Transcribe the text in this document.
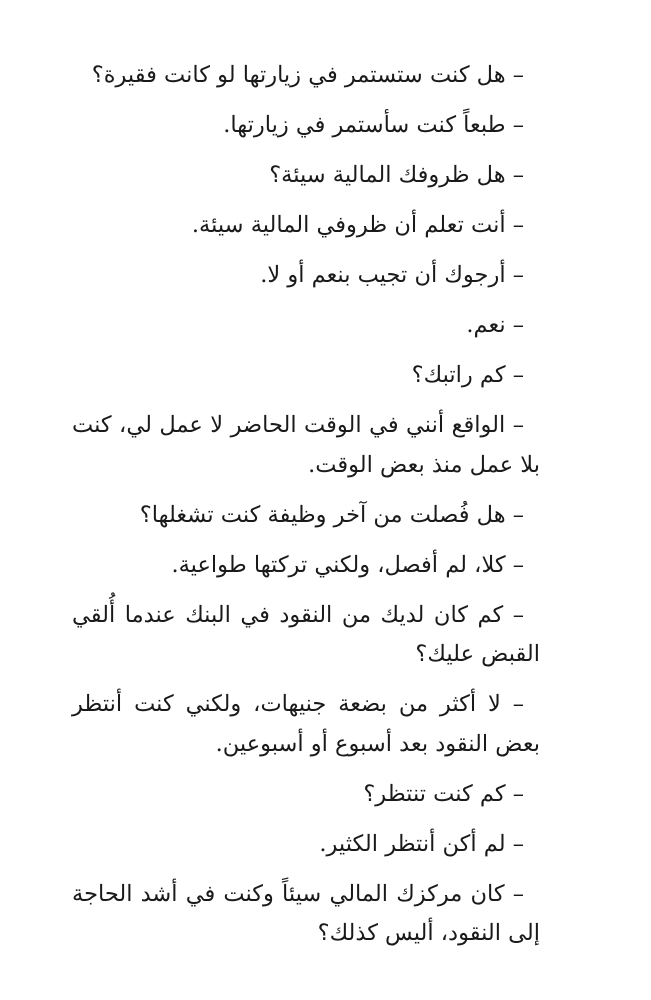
– هل كنت ستستمر في زيارتها لو كانت فقيرة؟

– طبعاً كنت سأستمر في زيارتها.

– هل ظروفك المالية سيئة؟

– أنت تعلم أن ظروفي المالية سيئة.

– أرجوك أن تجيب بنعم أو لا.

– نعم.

– كم راتبك؟

– الواقع أنني في الوقت الحاضر لا عمل لي، كنت بلا عمل منذ بعض الوقت.

– هل فُصلت من آخر وظيفة كنت تشغلها؟

– كلا، لم أفصل، ولكني تركتها طواعية.

– كم كان لديك من النقود في البنك عندما أُلقي القبض عليك؟

– لا أكثر من بضعة جنيهات، ولكني كنت أنتظر بعض النقود بعد أسبوع أو أسبوعين.

– كم كنت تنتظر؟

– لم أكن أنتظر الكثير.

– كان مركزك المالي سيئاً وكنت في أشد الحاجة إلى النقود، أليس كذلك؟
